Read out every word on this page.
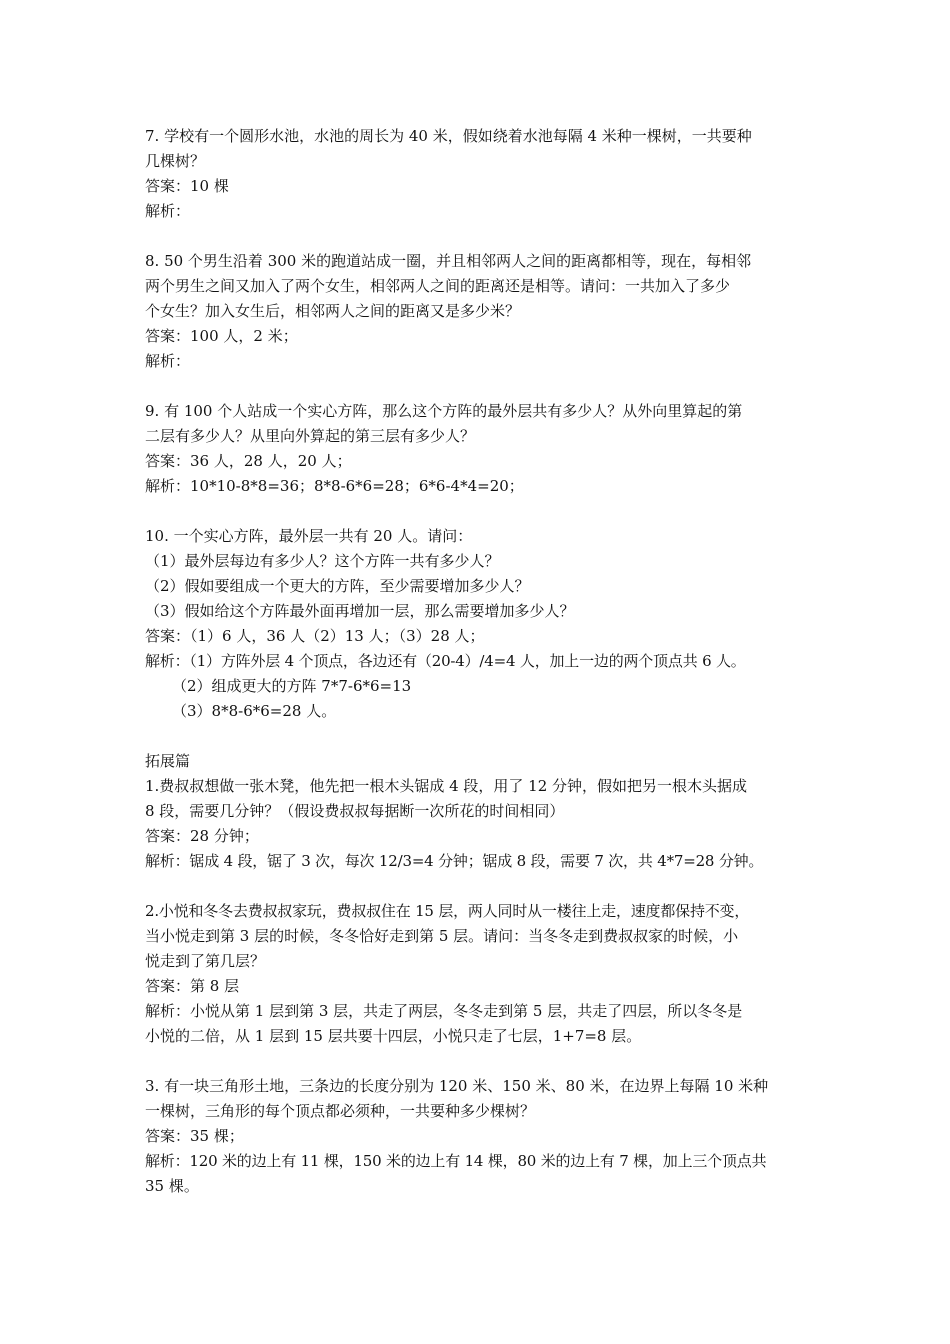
7. 学校有一个圆形水池，水池的周长为 40 米，假如绕着水池每隔 4 米种一棵树，一共要种
几棵树？
答案：10 棵
解析：
8. 50 个男生沿着 300 米的跑道站成一圈，并且相邻两人之间的距离都相等，现在，每相邻
两个男生之间又加入了两个女生，相邻两人之间的距离还是相等。请问：一共加入了多少
个女生？加入女生后，相邻两人之间的距离又是多少米？
答案：100 人，2 米；
解析：
9. 有 100 个人站成一个实心方阵，那么这个方阵的最外层共有多少人？从外向里算起的第
二层有多少人？从里向外算起的第三层有多少人？
答案：36 人，28 人，20 人；
解析：10*10-8*8=36；8*8-6*6=28；6*6-4*4=20；
10. 一个实心方阵，最外层一共有 20 人。请问：
（1）最外层每边有多少人？这个方阵一共有多少人？
（2）假如要组成一个更大的方阵，至少需要增加多少人？
（3）假如给这个方阵最外面再增加一层，那么需要增加多少人？
答案：（1）6 人，36 人（2）13 人；（3）28 人；
解析：（1）方阵外层 4 个顶点，各边还有（20-4）/4=4 人，加上一边的两个顶点共 6 人。
（2）组成更大的方阵 7*7-6*6=13
（3）8*8-6*6=28 人。
拓展篇
1.费叔叔想做一张木凳，他先把一根木头锯成 4 段，用了 12 分钟，假如把另一根木头据成
8 段，需要几分钟？（假设费叔叔每据断一次所花的时间相同）
答案：28 分钟；
解析：锯成 4 段，锯了 3 次，每次 12/3=4 分钟；锯成 8 段，需要 7 次，共 4*7=28 分钟。
2.小悦和冬冬去费叔叔家玩，费叔叔住在 15 层，两人同时从一楼往上走，速度都保持不变，
当小悦走到第 3 层的时候，冬冬恰好走到第 5 层。请问：当冬冬走到费叔叔家的时候，小
悦走到了第几层？
答案：第 8 层
解析：小悦从第 1 层到第 3 层，共走了两层，冬冬走到第 5 层，共走了四层，所以冬冬是
小悦的二倍，从 1 层到 15 层共要十四层，小悦只走了七层，1+7=8 层。
3. 有一块三角形土地，三条边的长度分别为 120 米、150 米、80 米，在边界上每隔 10 米种
一棵树，三角形的每个顶点都必须种，一共要种多少棵树？
答案：35 棵；
解析：120 米的边上有 11 棵，150 米的边上有 14 棵，80 米的边上有 7 棵，加上三个顶点共
35 棵。
